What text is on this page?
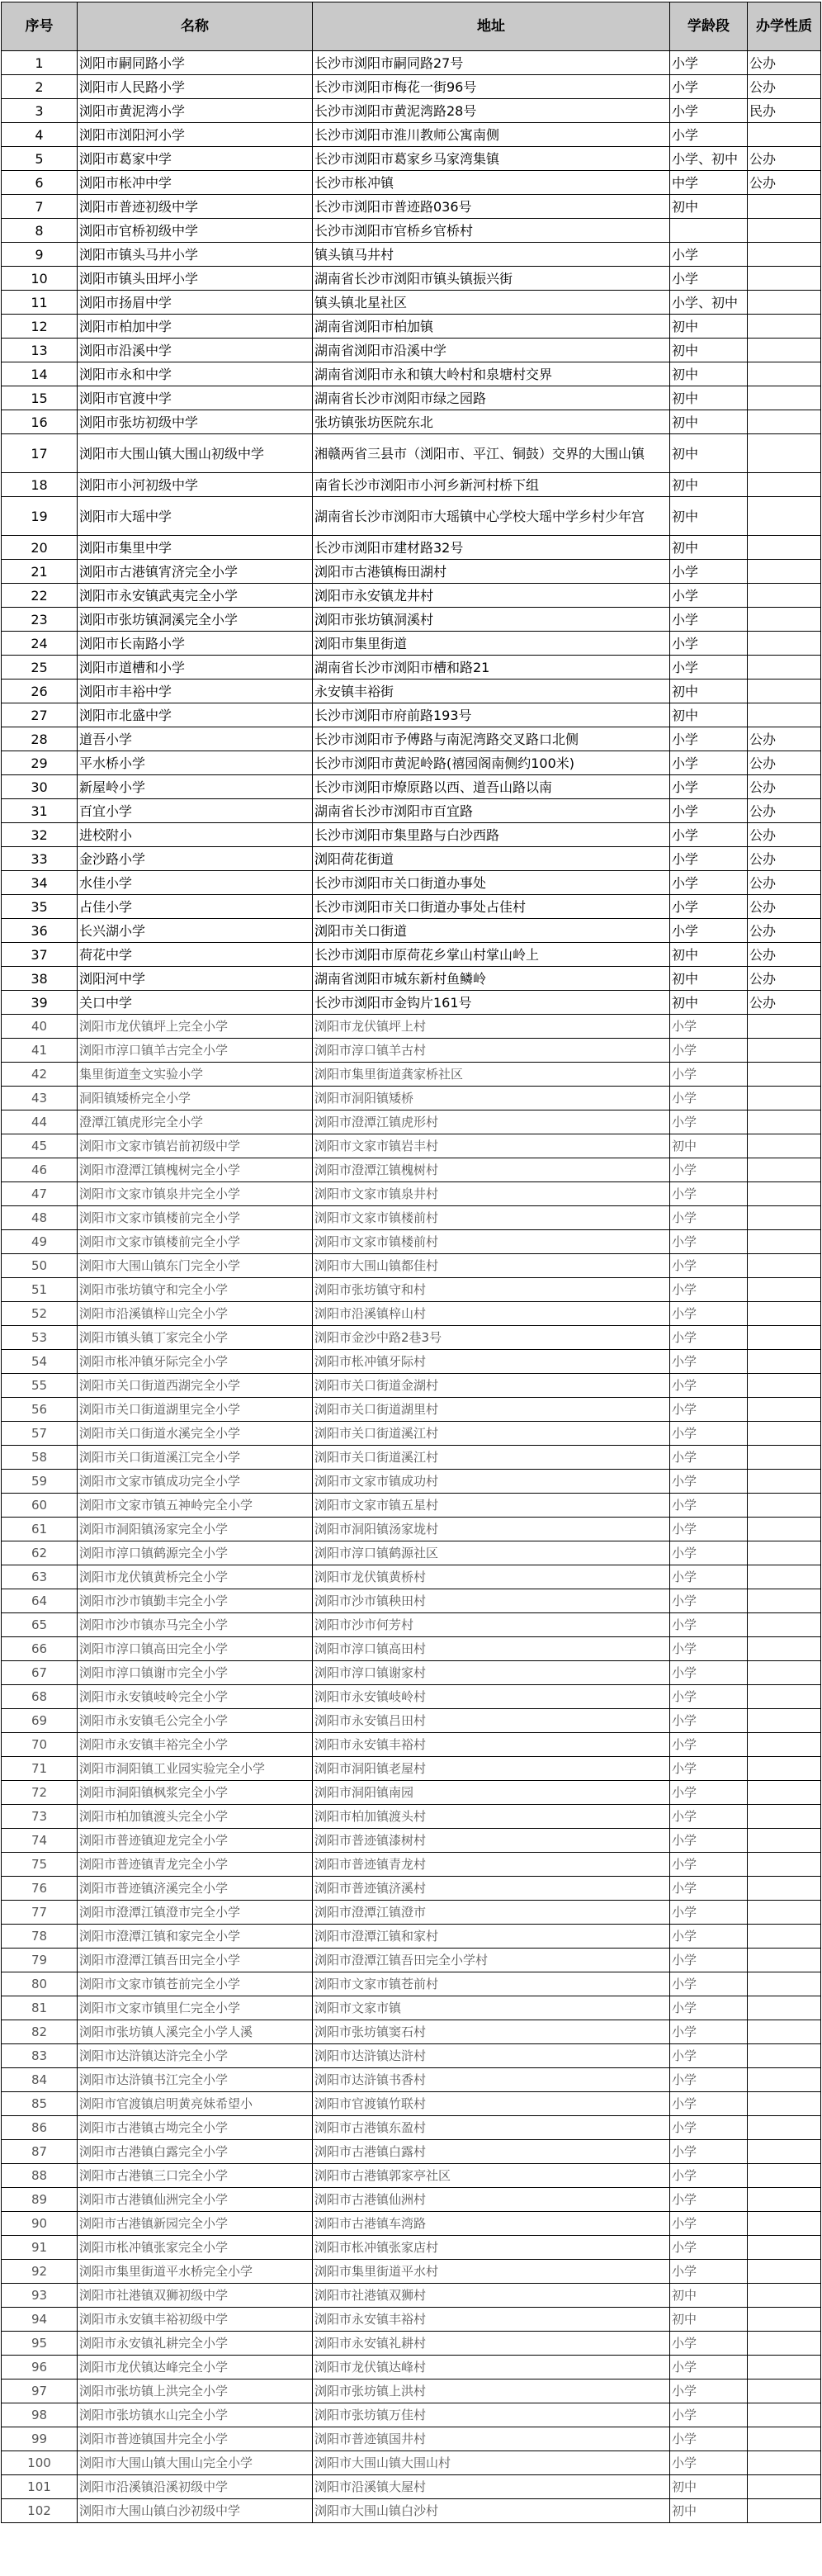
序号	名称	地址	学龄段	办学性质
1	浏阳市嗣同路小学	长沙市浏阳市嗣同路27号	小学	公办
2	浏阳市人民路小学	长沙市浏阳市梅花一街96号	小学	公办
3	浏阳市黄泥湾小学	长沙市浏阳市黄泥湾路28号	小学	民办
4	浏阳市浏阳河小学	长沙市浏阳市淮川教师公寓南侧	小学	
5	浏阳市葛家中学	长沙市浏阳市葛家乡马家湾集镇	小学、初中	公办
6	浏阳市枨冲中学	长沙市枨冲镇	中学	公办
7	浏阳市普迹初级中学	长沙市浏阳市普迹路036号	初中	
8	浏阳市官桥初级中学	长沙市浏阳市官桥乡官桥村		
9	浏阳市镇头马井小学	镇头镇马井村	小学	
10	浏阳市镇头田坪小学	湖南省长沙市浏阳市镇头镇振兴街	小学	
11	浏阳市扬眉中学	镇头镇北星社区	小学、初中	
12	浏阳市柏加中学	湖南省浏阳市柏加镇	初中	
13	浏阳市沿溪中学	湖南省浏阳市沿溪中学	初中	
14	浏阳市永和中学	湖南省浏阳市永和镇大岭村和泉塘村交界	初中	
15	浏阳市官渡中学	湖南省长沙市浏阳市绿之园路	初中	
16	浏阳市张坊初级中学	张坊镇张坊医院东北	初中	
17	浏阳市大围山镇大围山初级中学	湘赣两省三县市（浏阳市、平江、铜鼓）交界的大围山镇	初中	
18	浏阳市小河初级中学	南省长沙市浏阳市小河乡新河村桥下组	初中	
19	浏阳市大瑶中学	湖南省长沙市浏阳市大瑶镇中心学校大瑶中学乡村少年宫	初中	
20	浏阳市集里中学	长沙市浏阳市建材路32号	初中	
21	浏阳市古港镇宵济完全小学	浏阳市古港镇梅田湖村	小学	
22	浏阳市永安镇武夷完全小学	浏阳市永安镇龙井村	小学	
23	浏阳市张坊镇洞溪完全小学	浏阳市张坊镇洞溪村	小学	
24	浏阳市长南路小学	浏阳市集里街道	小学	
25	浏阳市道槽和小学	湖南省长沙市浏阳市槽和路21	小学	
26	浏阳市丰裕中学	永安镇丰裕街	初中	
27	浏阳市北盛中学	长沙市浏阳市府前路193号	初中	
28	道吾小学	长沙市浏阳市予傅路与南泥湾路交叉路口北侧	小学	公办
29	平水桥小学	长沙市浏阳市黄泥岭路(禧园阁南侧约100米)	小学	公办
30	新屋岭小学	长沙市浏阳市燎原路以西、道吾山路以南	小学	公办
31	百宜小学	湖南省长沙市浏阳市百宜路	小学	公办
32	进校附小	长沙市浏阳市集里路与白沙西路	小学	公办
33	金沙路小学	浏阳荷花街道	小学	公办
34	水佳小学	长沙市浏阳市关口街道办事处	小学	公办
35	占佳小学	长沙市浏阳市关口街道办事处占佳村	小学	公办
36	长兴湖小学	浏阳市关口街道	小学	公办
37	荷花中学	长沙市浏阳市原荷花乡掌山村掌山岭上	初中	公办
38	浏阳河中学	湖南省浏阳市城东新村鱼鳞岭	初中	公办
39	关口中学	长沙市浏阳市金钩片161号	初中	公办
40	浏阳市龙伏镇坪上完全小学	浏阳市龙伏镇坪上村	小学	
41	浏阳市淳口镇羊古完全小学	浏阳市淳口镇羊古村	小学	
42	集里街道奎文实验小学	浏阳市集里街道龚家桥社区	小学	
43	洞阳镇矮桥完全小学	浏阳市洞阳镇矮桥	小学	
44	澄潭江镇虎形完全小学	浏阳市澄潭江镇虎形村	小学	
45	浏阳市文家市镇岩前初级中学	浏阳市文家市镇岩丰村	初中	
46	浏阳市澄潭江镇槐树完全小学	浏阳市澄潭江镇槐树村	小学	
47	浏阳市文家市镇泉井完全小学	浏阳市文家市镇泉井村	小学	
48	浏阳市文家市镇楼前完全小学	浏阳市文家市镇楼前村	小学	
49	浏阳市文家市镇楼前完全小学	浏阳市文家市镇楼前村	小学	
50	浏阳市大围山镇东门完全小学	浏阳市大围山镇都佳村	小学	
51	浏阳市张坊镇守和完全小学	浏阳市张坊镇守和村	小学	
52	浏阳市沿溪镇梓山完全小学	浏阳市沿溪镇梓山村	小学	
53	浏阳市镇头镇丁家完全小学	浏阳市金沙中路2巷3号	小学	
54	浏阳市枨冲镇牙际完全小学	浏阳市枨冲镇牙际村	小学	
55	浏阳市关口街道西湖完全小学	浏阳市关口街道金湖村	小学	
56	浏阳市关口街道湖里完全小学	浏阳市关口街道湖里村	小学	
57	浏阳市关口街道水溪完全小学	浏阳市关口街道溪江村	小学	
58	浏阳市关口街道溪江完全小学	浏阳市关口街道溪江村	小学	
59	浏阳市文家市镇成功完全小学	浏阳市文家市镇成功村	小学	
60	浏阳市文家市镇五神岭完全小学	浏阳市文家市镇五星村	小学	
61	浏阳市洞阳镇汤家完全小学	浏阳市洞阳镇汤家垅村	小学	
62	浏阳市淳口镇鹤源完全小学	浏阳市淳口镇鹤源社区	小学	
63	浏阳市龙伏镇黄桥完全小学	浏阳市龙伏镇黄桥村	小学	
64	浏阳市沙市镇勤丰完全小学	浏阳市沙市镇秧田村	小学	
65	浏阳市沙市镇赤马完全小学	浏阳市沙市何芳村	小学	
66	浏阳市淳口镇高田完全小学	浏阳市淳口镇高田村	小学	
67	浏阳市淳口镇谢市完全小学	浏阳市淳口镇谢家村	小学	
68	浏阳市永安镇岐岭完全小学	浏阳市永安镇岐岭村	小学	
69	浏阳市永安镇毛公完全小学	浏阳市永安镇吕田村	小学	
70	浏阳市永安镇丰裕完全小学	浏阳市永安镇丰裕村	小学	
71	浏阳市洞阳镇工业园实验完全小学	浏阳市洞阳镇老屋村	小学	
72	浏阳市洞阳镇枫浆完全小学	浏阳市洞阳镇南园	小学	
73	浏阳市柏加镇渡头完全小学	浏阳市柏加镇渡头村	小学	
74	浏阳市普迹镇迎龙完全小学	浏阳市普迹镇漆树村	小学	
75	浏阳市普迹镇青龙完全小学	浏阳市普迹镇青龙村	小学	
76	浏阳市普迹镇济溪完全小学	浏阳市普迹镇济溪村	小学	
77	浏阳市澄潭江镇澄市完全小学	浏阳市澄潭江镇澄市	小学	
78	浏阳市澄潭江镇和家完全小学	浏阳市澄潭江镇和家村	小学	
79	浏阳市澄潭江镇吾田完全小学	浏阳市澄潭江镇吾田完全小学村	小学	
80	浏阳市文家市镇苍前完全小学	浏阳市文家市镇苍前村	小学	
81	浏阳市文家市镇里仁完全小学	浏阳市文家市镇	小学	
82	浏阳市张坊镇人溪完全小学人溪	浏阳市张坊镇窦石村	小学	
83	浏阳市达浒镇达浒完全小学	浏阳市达浒镇达浒村	小学	
84	浏阳市达浒镇书江完全小学	浏阳市达浒镇书香村	小学	
85	浏阳市官渡镇启明黄亮妹希望小	浏阳市官渡镇竹联村	小学	
86	浏阳市古港镇古坳完全小学	浏阳市古港镇东盈村	小学	
87	浏阳市古港镇白露完全小学	浏阳市古港镇白露村	小学	
88	浏阳市古港镇三口完全小学	浏阳市古港镇郭家亭社区	小学	
89	浏阳市古港镇仙洲完全小学	浏阳市古港镇仙洲村	小学	
90	浏阳市古港镇新园完全小学	浏阳市古港镇车湾路	小学	
91	浏阳市枨冲镇张家完全小学	浏阳市枨冲镇张家店村	小学	
92	浏阳市集里街道平水桥完全小学	浏阳市集里街道平水村	小学	
93	浏阳市社港镇双狮初级中学	浏阳市社港镇双狮村	初中	
94	浏阳市永安镇丰裕初级中学	浏阳市永安镇丰裕村	初中	
95	浏阳市永安镇礼耕完全小学	浏阳市永安镇礼耕村	小学	
96	浏阳市龙伏镇达峰完全小学	浏阳市龙伏镇达峰村	小学	
97	浏阳市张坊镇上洪完全小学	浏阳市张坊镇上洪村	小学	
98	浏阳市张坊镇水山完全小学	浏阳市张坊镇万佳村	小学	
99	浏阳市普迹镇国井完全小学	浏阳市普迹镇国井村	小学	
100	浏阳市大围山镇大围山完全小学	浏阳市大围山镇大围山村	小学	
101	浏阳市沿溪镇沿溪初级中学	浏阳市沿溪镇大屋村	初中	
102	浏阳市大围山镇白沙初级中学	浏阳市大围山镇白沙村	初中	
